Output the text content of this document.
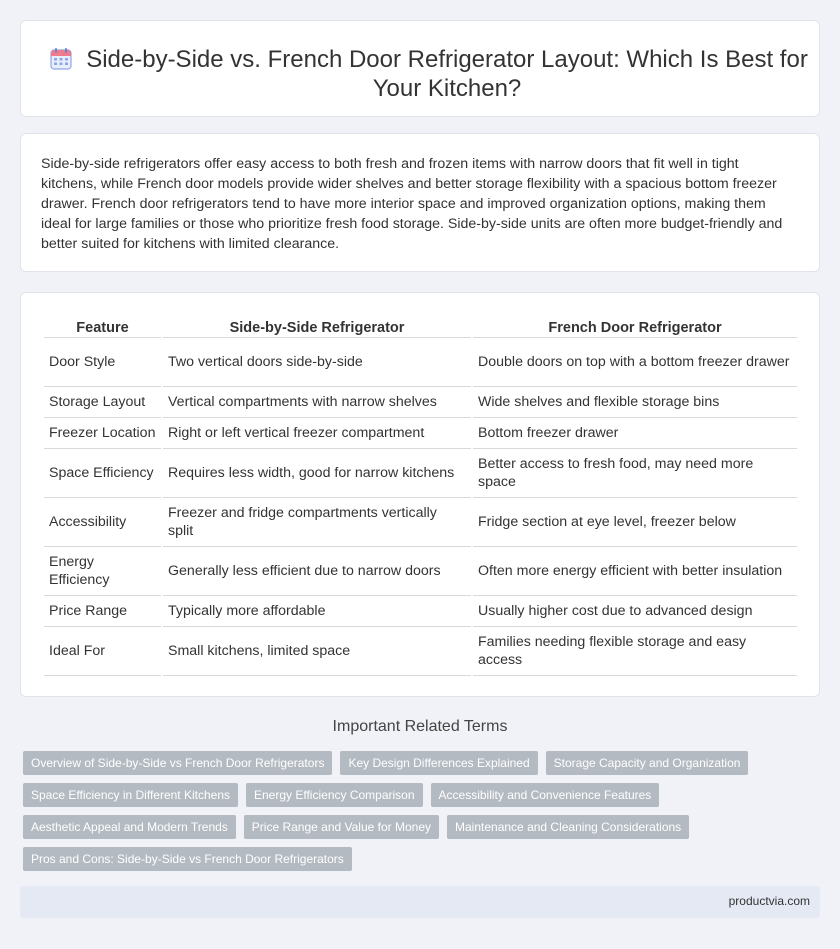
Side-by-Side vs. French Door Refrigerator Layout: Which Is Best for Your Kitchen?

Side-by-side refrigerators offer easy access to both fresh and frozen items with narrow doors that fit well in tight kitchens, while French door models provide wider shelves and better storage flexibility with a spacious bottom freezer drawer. French door refrigerators tend to have more interior space and improved organization options, making them ideal for large families or those who prioritize fresh food storage. Side-by-side units are often more budget-friendly and better suited for kitchens with limited clearance.

Feature	Side-by-Side Refrigerator	French Door Refrigerator
Door Style	Two vertical doors side-by-side	Double doors on top with a bottom freezer drawer
Storage Layout	Vertical compartments with narrow shelves	Wide shelves and flexible storage bins
Freezer Location	Right or left vertical freezer compartment	Bottom freezer drawer
Space Efficiency	Requires less width, good for narrow kitchens	Better access to fresh food, may need more space
Accessibility	Freezer and fridge compartments vertically split	Fridge section at eye level, freezer below
Energy Efficiency	Generally less efficient due to narrow doors	Often more energy efficient with better insulation
Price Range	Typically more affordable	Usually higher cost due to advanced design
Ideal For	Small kitchens, limited space	Families needing flexible storage and easy access
Important Related Terms
Overview of Side-by-Side vs French Door Refrigerators	Key Design Differences Explained	Storage Capacity and Organization
Space Efficiency in Different Kitchens	Energy Efficiency Comparison	Accessibility and Convenience Features
Aesthetic Appeal and Modern Trends	Price Range and Value for Money	Maintenance and Cleaning Considerations
Pros and Cons: Side-by-Side vs French Door Refrigerators
productvia.com
